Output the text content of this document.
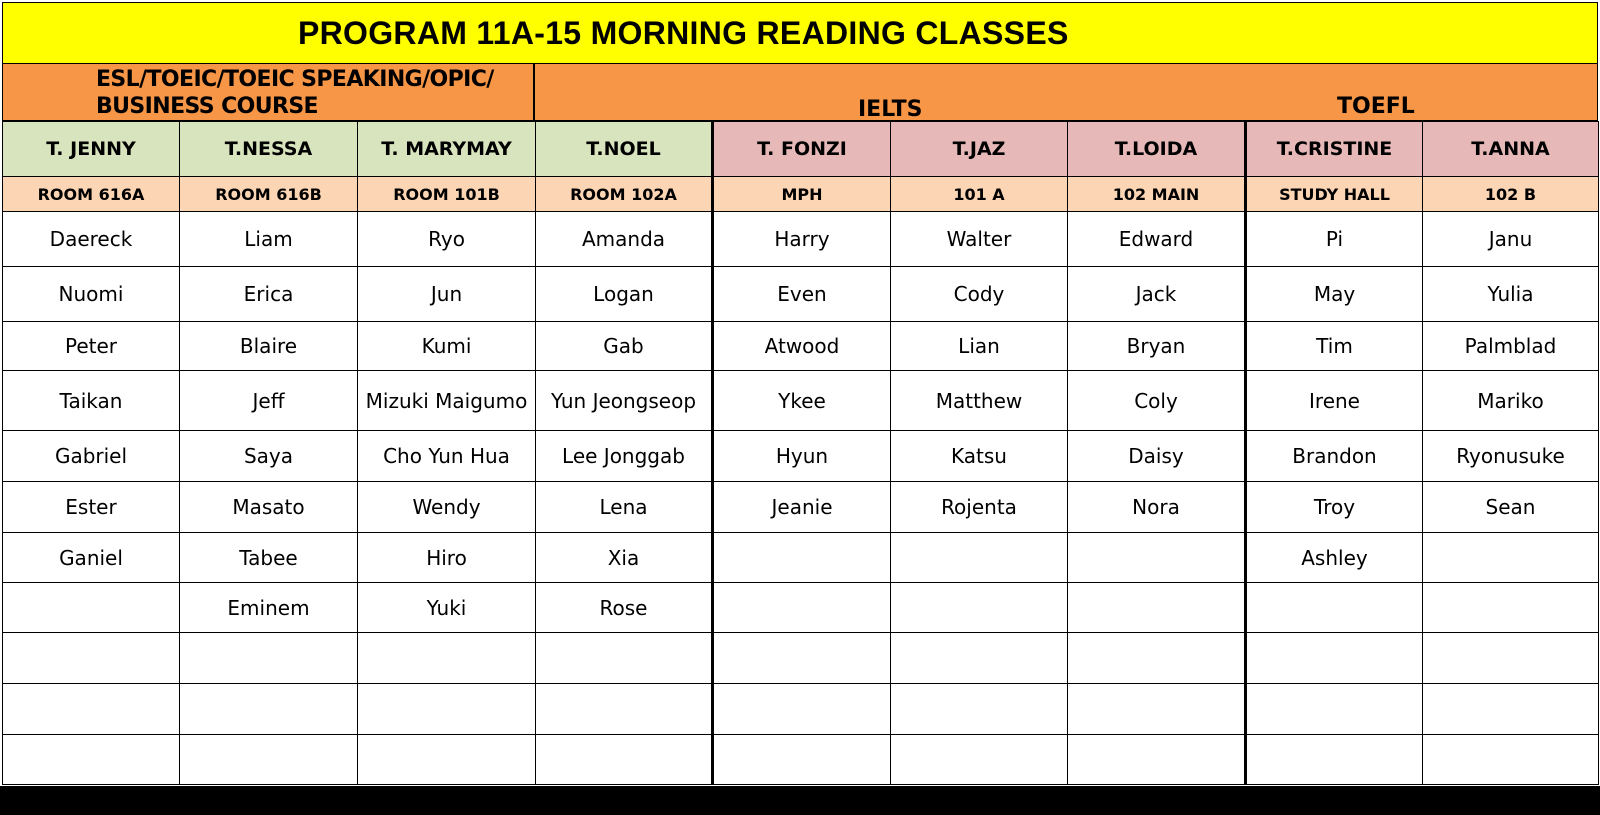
PROGRAM 11A-15 MORNING READING CLASSES
ESL/TOEIC/TOEIC SPEAKING/OPIC/
BUSINESS COURSE	IELTS	TOEFL
T. JENNY	T.NESSA	T. MARYMAY	T.NOEL	T. FONZI	T.JAZ	T.LOIDA	T.CRISTINE	T.ANNA
ROOM 616A	ROOM 616B	ROOM 101B	ROOM 102A	MPH	101 A	102 MAIN	STUDY HALL	102 B
Daereck	Liam	Ryo	Amanda	Harry	Walter	Edward	Pi	Janu
Nuomi	Erica	Jun	Logan	Even	Cody	Jack	May	Yulia
Peter	Blaire	Kumi	Gab	Atwood	Lian	Bryan	Tim	Palmblad
Taikan	Jeff	Mizuki Maigumo	Yun Jeongseop	Ykee	Matthew	Coly	Irene	Mariko
Gabriel	Saya	Cho Yun Hua	Lee Jonggab	Hyun	Katsu	Daisy	Brandon	Ryonusuke
Ester	Masato	Wendy	Lena	Jeanie	Rojenta	Nora	Troy	Sean
Ganiel	Tabee	Hiro	Xia				Ashley	
	Eminem	Yuki	Rose					
